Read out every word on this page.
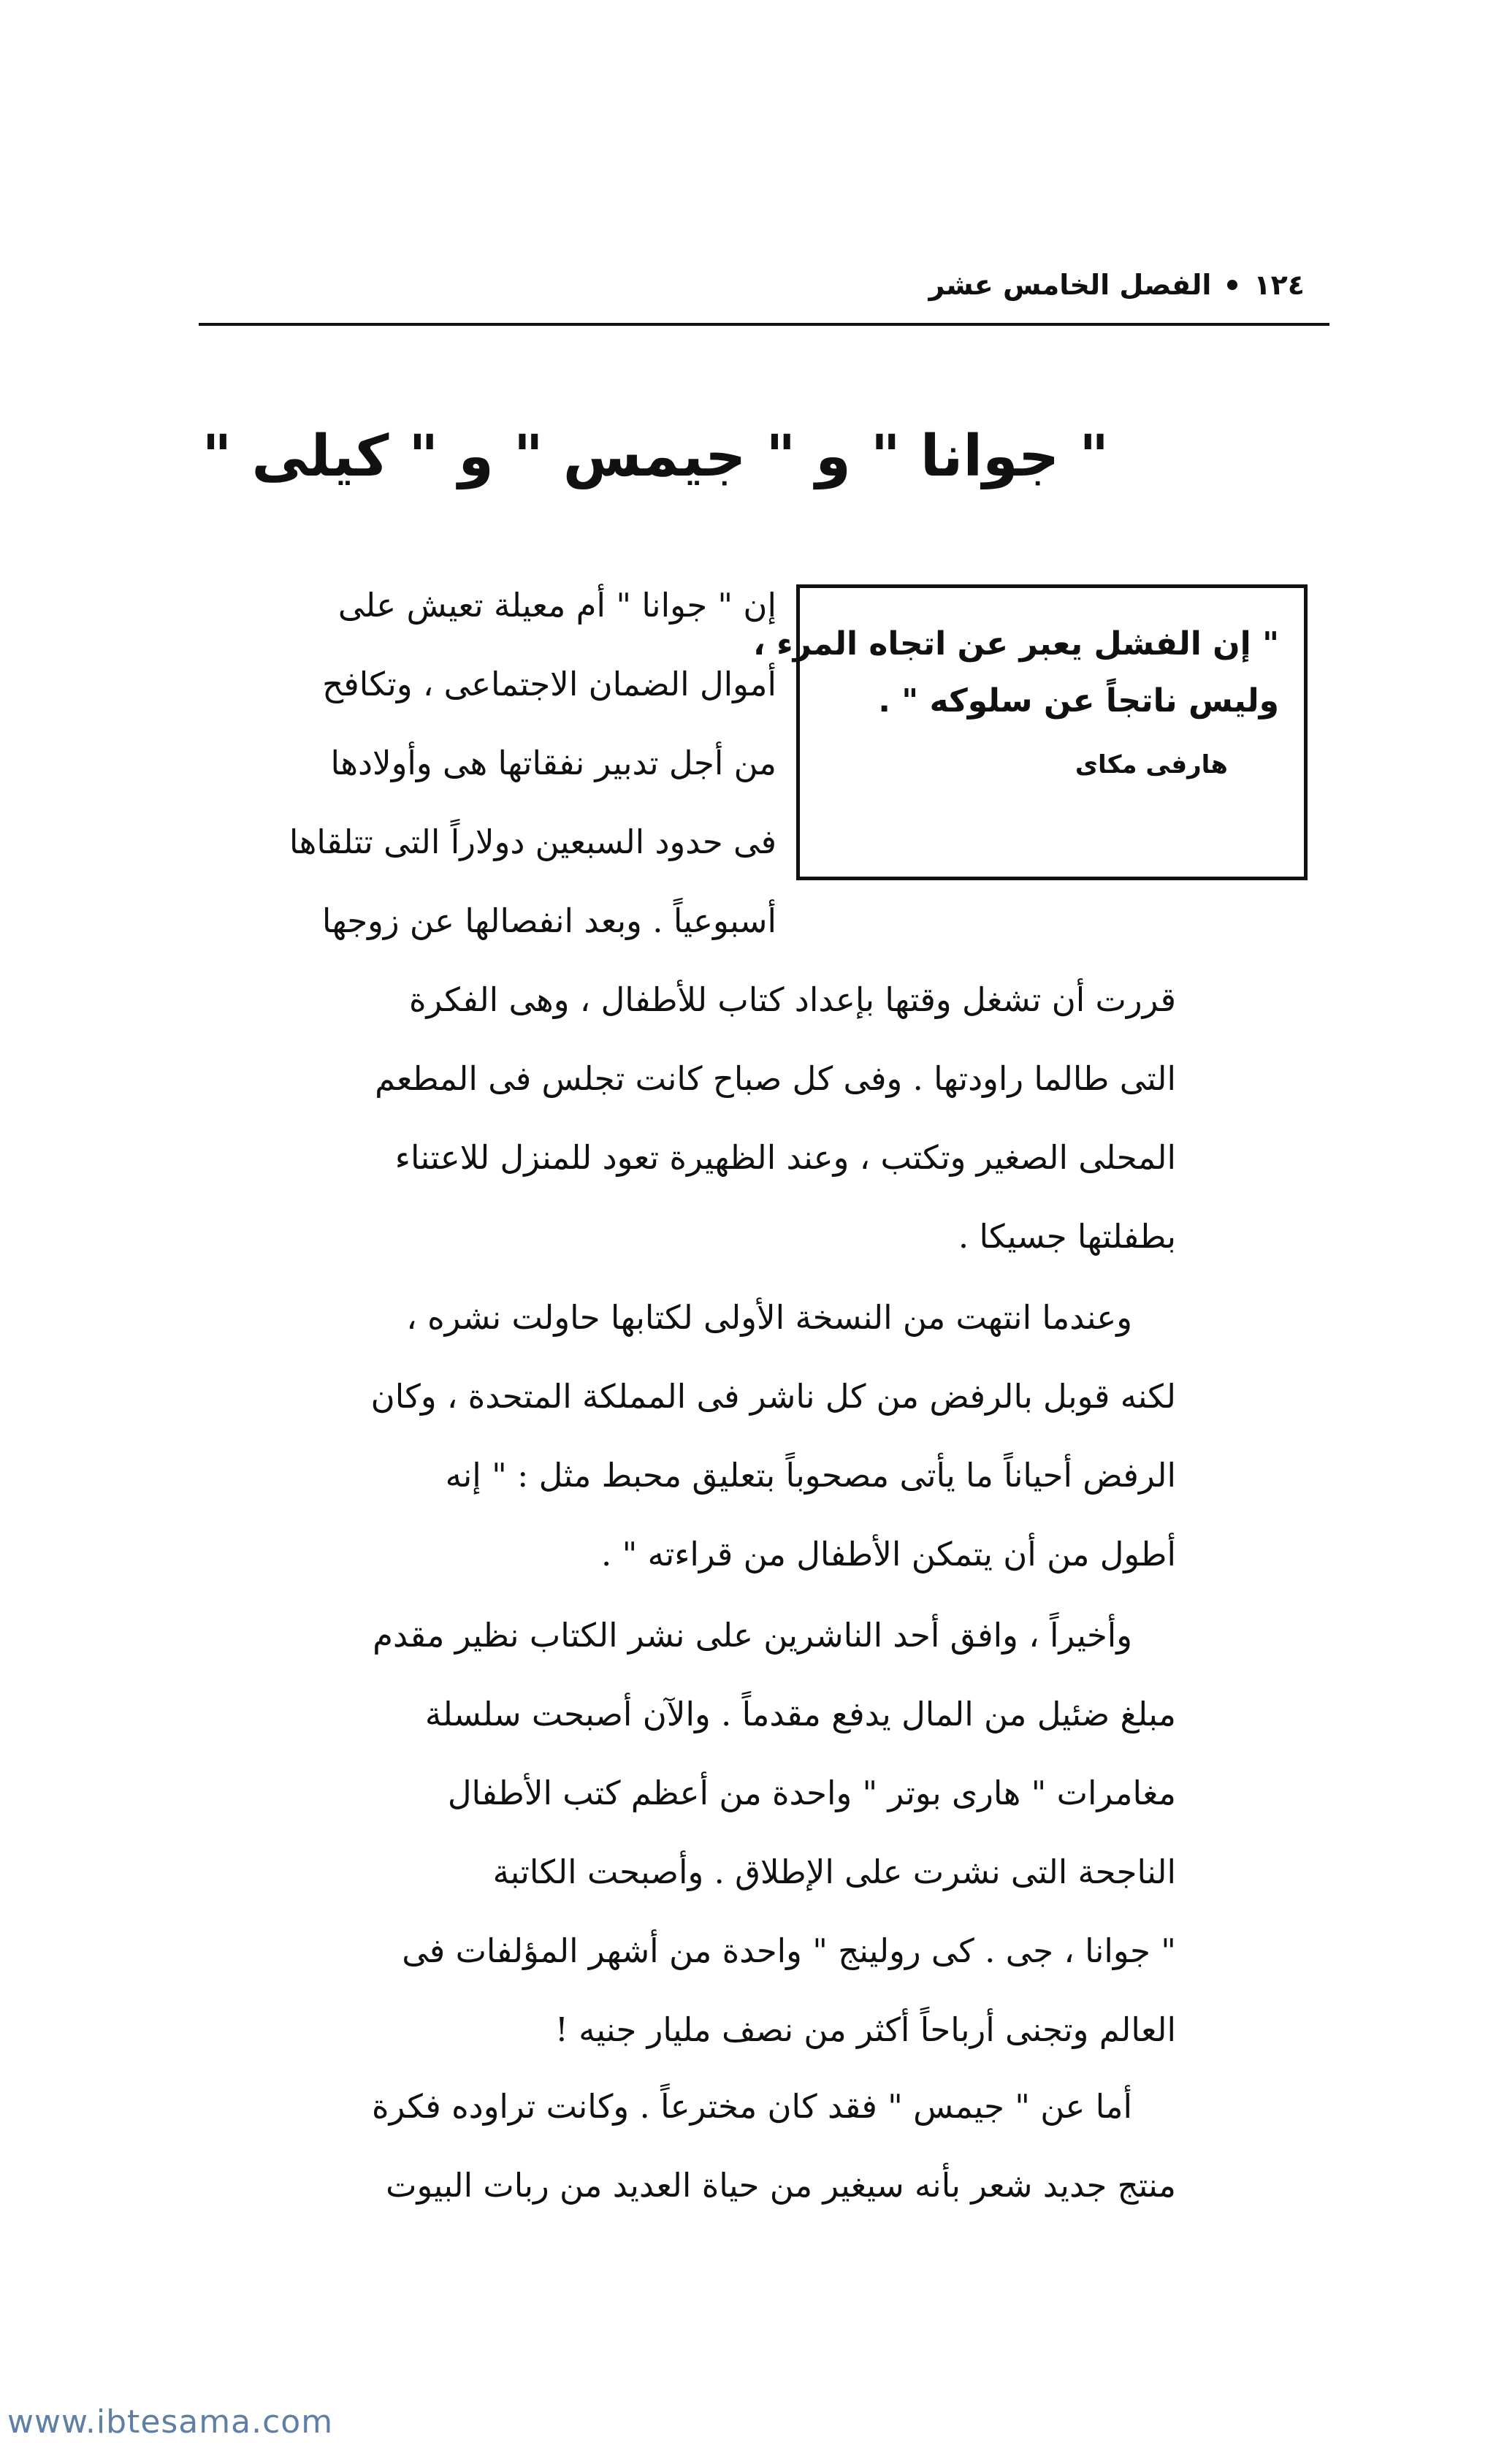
١٢٤
الفصل الخامس عشر
" جوانا " و " جيمس " و " كيلى "
" إن الفشل يعبر عن اتجاه المرء ،
وليس ناتجاً عن سلوكه " .
هارفى مكاى
إن " جوانا " أم معيلة تعيش على
أموال الضمان الاجتماعى ، وتكافح
من أجل تدبير نفقاتها هى وأولادها
فى حدود السبعين دولاراً التى تتلقاها
أسبوعياً . وبعد انفصالها عن زوجها
قررت أن تشغل وقتها بإعداد كتاب للأطفال ، وهى الفكرة
التى طالما راودتها . وفى كل صباح كانت تجلس فى المطعم
المحلى الصغير وتكتب ، وعند الظهيرة تعود للمنزل للاعتناء
بطفلتها جسيكا .
وعندما انتهت من النسخة الأولى لكتابها حاولت نشره ،
لكنه قوبل بالرفض من كل ناشر فى المملكة المتحدة ، وكان
الرفض أحياناً ما يأتى مصحوباً بتعليق محبط مثل : " إنه
أطول من أن يتمكن الأطفال من قراءته " .
وأخيراً ، وافق أحد الناشرين على نشر الكتاب نظير مقدم
مبلغ ضئيل من المال يدفع مقدماً . والآن أصبحت سلسلة
مغامرات " هارى بوتر " واحدة من أعظم كتب الأطفال
الناجحة التى نشرت على الإطلاق . وأصبحت الكاتبة
" جوانا ، جى . كى رولينج " واحدة من أشهر المؤلفات فى
العالم وتجنى أرباحاً أكثر من نصف مليار جنيه !
أما عن " جيمس " فقد كان مخترعاً . وكانت تراوده فكرة
منتج جديد شعر بأنه سيغير من حياة العديد من ربات البيوت
www.ibtesama.com
